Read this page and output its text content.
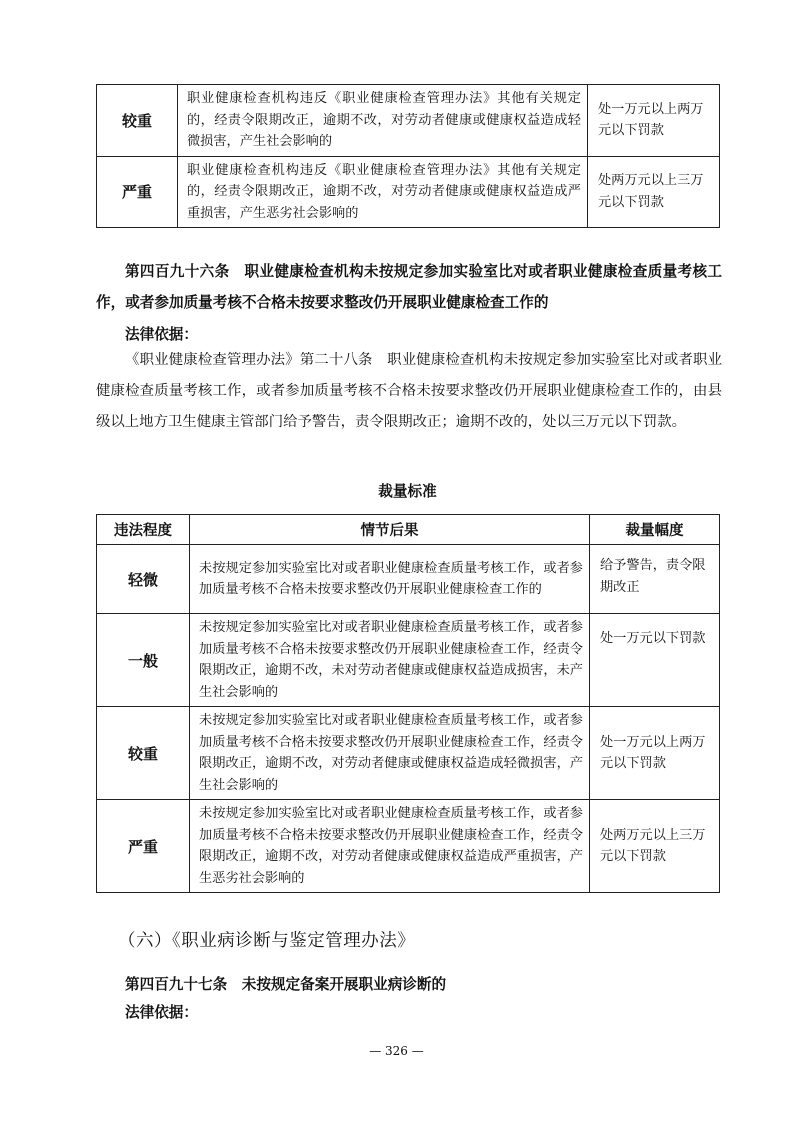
较重	职业健康检查机构违反《职业健康检查管理办法》其他有关规定的，经责令限期改正，逾期不改，对劳动者健康或健康权益造成轻微损害，产生社会影响的	处一万元以上两万元以下罚款
严重	职业健康检查机构违反《职业健康检查管理办法》其他有关规定的，经责令限期改正，逾期不改，对劳动者健康或健康权益造成严重损害，产生恶劣社会影响的	处两万元以上三万元以下罚款
第四百九十六条　职业健康检查机构未按规定参加实验室比对或者职业健康检查质量考核工作，或者参加质量考核不合格未按要求整改仍开展职业健康检查工作的
法律依据：
《职业健康检查管理办法》第二十八条　职业健康检查机构未按规定参加实验室比对或者职业健康检查质量考核工作，或者参加质量考核不合格未按要求整改仍开展职业健康检查工作的，由县级以上地方卫生健康主管部门给予警告，责令限期改正；逾期不改的，处以三万元以下罚款。
裁量标准
违法程度	情节后果	裁量幅度
轻微	未按规定参加实验室比对或者职业健康检查质量考核工作，或者参加质量考核不合格未按要求整改仍开展职业健康检查工作的	给予警告，责令限期改正
一般	未按规定参加实验室比对或者职业健康检查质量考核工作，或者参加质量考核不合格未按要求整改仍开展职业健康检查工作，经责令限期改正，逾期不改，未对劳动者健康或健康权益造成损害，未产生社会影响的	处一万元以下罚款
较重	未按规定参加实验室比对或者职业健康检查质量考核工作，或者参加质量考核不合格未按要求整改仍开展职业健康检查工作，经责令限期改正，逾期不改，对劳动者健康或健康权益造成轻微损害，产生社会影响的	处一万元以上两万元以下罚款
严重	未按规定参加实验室比对或者职业健康检查质量考核工作，或者参加质量考核不合格未按要求整改仍开展职业健康检查工作，经责令限期改正，逾期不改，对劳动者健康或健康权益造成严重损害，产生恶劣社会影响的	处两万元以上三万元以下罚款
（六）《职业病诊断与鉴定管理办法》
第四百九十七条　未按规定备案开展职业病诊断的
法律依据：
— 326 —
